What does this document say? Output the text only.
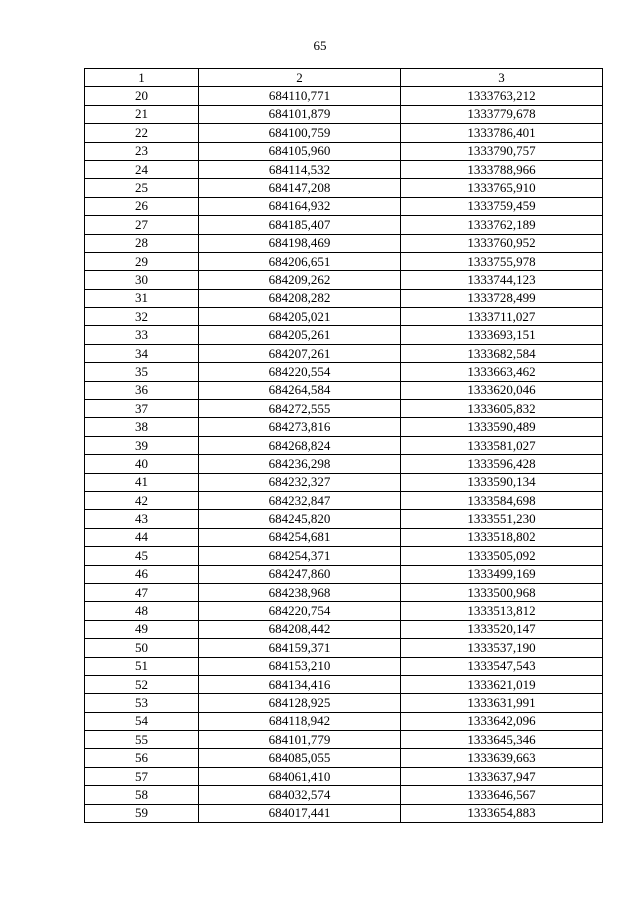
65
1	2	3
20	684110,771	1333763,212
21	684101,879	1333779,678
22	684100,759	1333786,401
23	684105,960	1333790,757
24	684114,532	1333788,966
25	684147,208	1333765,910
26	684164,932	1333759,459
27	684185,407	1333762,189
28	684198,469	1333760,952
29	684206,651	1333755,978
30	684209,262	1333744,123
31	684208,282	1333728,499
32	684205,021	1333711,027
33	684205,261	1333693,151
34	684207,261	1333682,584
35	684220,554	1333663,462
36	684264,584	1333620,046
37	684272,555	1333605,832
38	684273,816	1333590,489
39	684268,824	1333581,027
40	684236,298	1333596,428
41	684232,327	1333590,134
42	684232,847	1333584,698
43	684245,820	1333551,230
44	684254,681	1333518,802
45	684254,371	1333505,092
46	684247,860	1333499,169
47	684238,968	1333500,968
48	684220,754	1333513,812
49	684208,442	1333520,147
50	684159,371	1333537,190
51	684153,210	1333547,543
52	684134,416	1333621,019
53	684128,925	1333631,991
54	684118,942	1333642,096
55	684101,779	1333645,346
56	684085,055	1333639,663
57	684061,410	1333637,947
58	684032,574	1333646,567
59	684017,441	1333654,883
